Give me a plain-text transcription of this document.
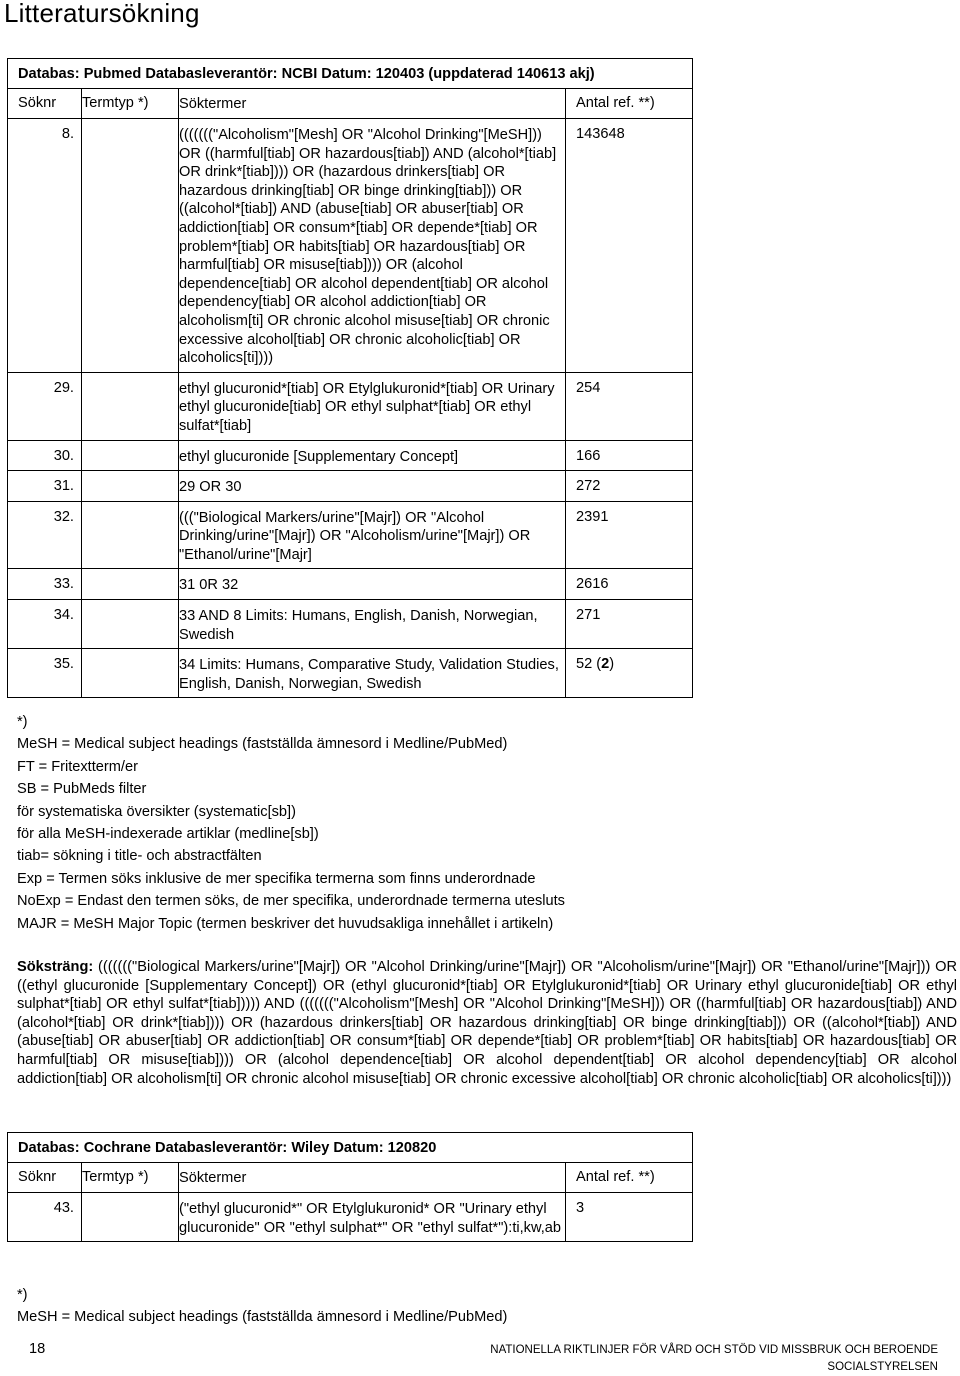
Litteratursökning
Databas: Pubmed Databasleverantör: NCBI Datum: 120403 (uppdaterad 140613 akj)			
Söknr	Termtyp *)	Söktermer	Antal ref. **)
8.		((((((("Alcoholism"[Mesh] OR "Alcohol Drinking"[MeSH])) OR ((harmful[tiab] OR hazardous[tiab]) AND (alcohol*[tiab] OR drink*[tiab]))) OR (hazardous drinkers[tiab] OR hazardous drinking[tiab] OR binge drinking[tiab])) OR ((alcohol*[tiab]) AND (abuse[tiab] OR abuser[tiab] OR addiction[tiab] OR consum*[tiab] OR depende*[tiab] OR problem*[tiab] OR habits[tiab] OR hazardous[tiab] OR harmful[tiab] OR misuse[tiab]))) OR (alcohol dependence[tiab] OR alcohol dependent[tiab] OR alcohol dependency[tiab] OR alcohol addiction[tiab] OR alcoholism[ti] OR chronic alcohol misuse[tiab] OR chronic excessive alcohol[tiab] OR chronic alcoholic[tiab] OR alcoholics[ti])))	143648
29.		ethyl glucuronid*[tiab] OR Etylglukuronid*[tiab] OR Urinary ethyl glucuronide[tiab] OR ethyl sulphat*[tiab] OR ethyl sulfat*[tiab]	254
30.		ethyl glucuronide [Supplementary Concept]	166
31.		29 OR 30	272
32.		((("Biological Markers/urine"[Majr]) OR "Alcohol Drinking/urine"[Majr]) OR "Alcoholism/urine"[Majr]) OR "Ethanol/urine"[Majr]	2391
33.		31 0R 32	2616
34.		33 AND 8 Limits: Humans, English, Danish, Norwegian, Swedish	271
35.		34 Limits: Humans, Comparative Study, Validation Studies, English, Danish, Norwegian, Swedish	52 (2)
*)
MeSH = Medical subject headings (fastställda ämnesord i Medline/PubMed)
FT = Fritextterm/er
SB = PubMeds filter
för systematiska översikter (systematic[sb])
för alla MeSH-indexerade artiklar (medline[sb])
tiab= sökning i title- och abstractfälten
Exp = Termen söks inklusive de mer specifika termerna som finns underordnade
NoExp = Endast den termen söks, de mer specifika, underordnade termerna utesluts
MAJR = MeSH Major Topic (termen beskriver det huvudsakliga innehållet i artikeln)
Söksträng: ((((((("Biological Markers/urine"[Majr]) OR "Alcohol Drinking/urine"[Majr]) OR "Alcoholism/urine"[Majr]) OR "Ethanol/urine"[Majr])) OR ((ethyl glucuronide [Supplementary Concept]) OR (ethyl glucuronid*[tiab] OR Etylglukuronid*[tiab] OR Urinary ethyl glucuronide[tiab] OR ethyl sulphat*[tiab] OR ethyl sulfat*[tiab])))) AND ((((((("Alcoholism"[Mesh] OR "Alcohol Drinking"[MeSH])) OR ((harmful[tiab] OR hazardous[tiab]) AND (alcohol*[tiab] OR drink*[tiab]))) OR (hazardous drinkers[tiab] OR hazardous drinking[tiab] OR binge drinking[tiab])) OR ((alcohol*[tiab]) AND (abuse[tiab] OR abuser[tiab] OR addiction[tiab] OR consum*[tiab] OR depende*[tiab] OR problem*[tiab] OR habits[tiab] OR hazardous[tiab] OR harmful[tiab] OR misuse[tiab]))) OR (alcohol dependence[tiab] OR alcohol dependent[tiab] OR alcohol dependency[tiab] OR alcohol addiction[tiab] OR alcoholism[ti] OR chronic alcohol misuse[tiab] OR chronic excessive alcohol[tiab] OR chronic alcoholic[tiab] OR alcoholics[ti])))
Databas: Cochrane Databasleverantör: Wiley Datum: 120820			
Söknr	Termtyp *)	Söktermer	Antal ref. **)
43.		("ethyl glucuronid*" OR Etylglukuronid* OR "Urinary ethyl glucuronide" OR "ethyl sulphat*" OR "ethyl sulfat*"):ti,kw,ab	3
*)
MeSH = Medical subject headings (fastställda ämnesord i Medline/PubMed)
18	NATIONELLA RIKTLINJER FÖR VÅRD OCH STÖD VID MISSBRUK OCH BEROENDE
SOCIALSTYRELSEN
